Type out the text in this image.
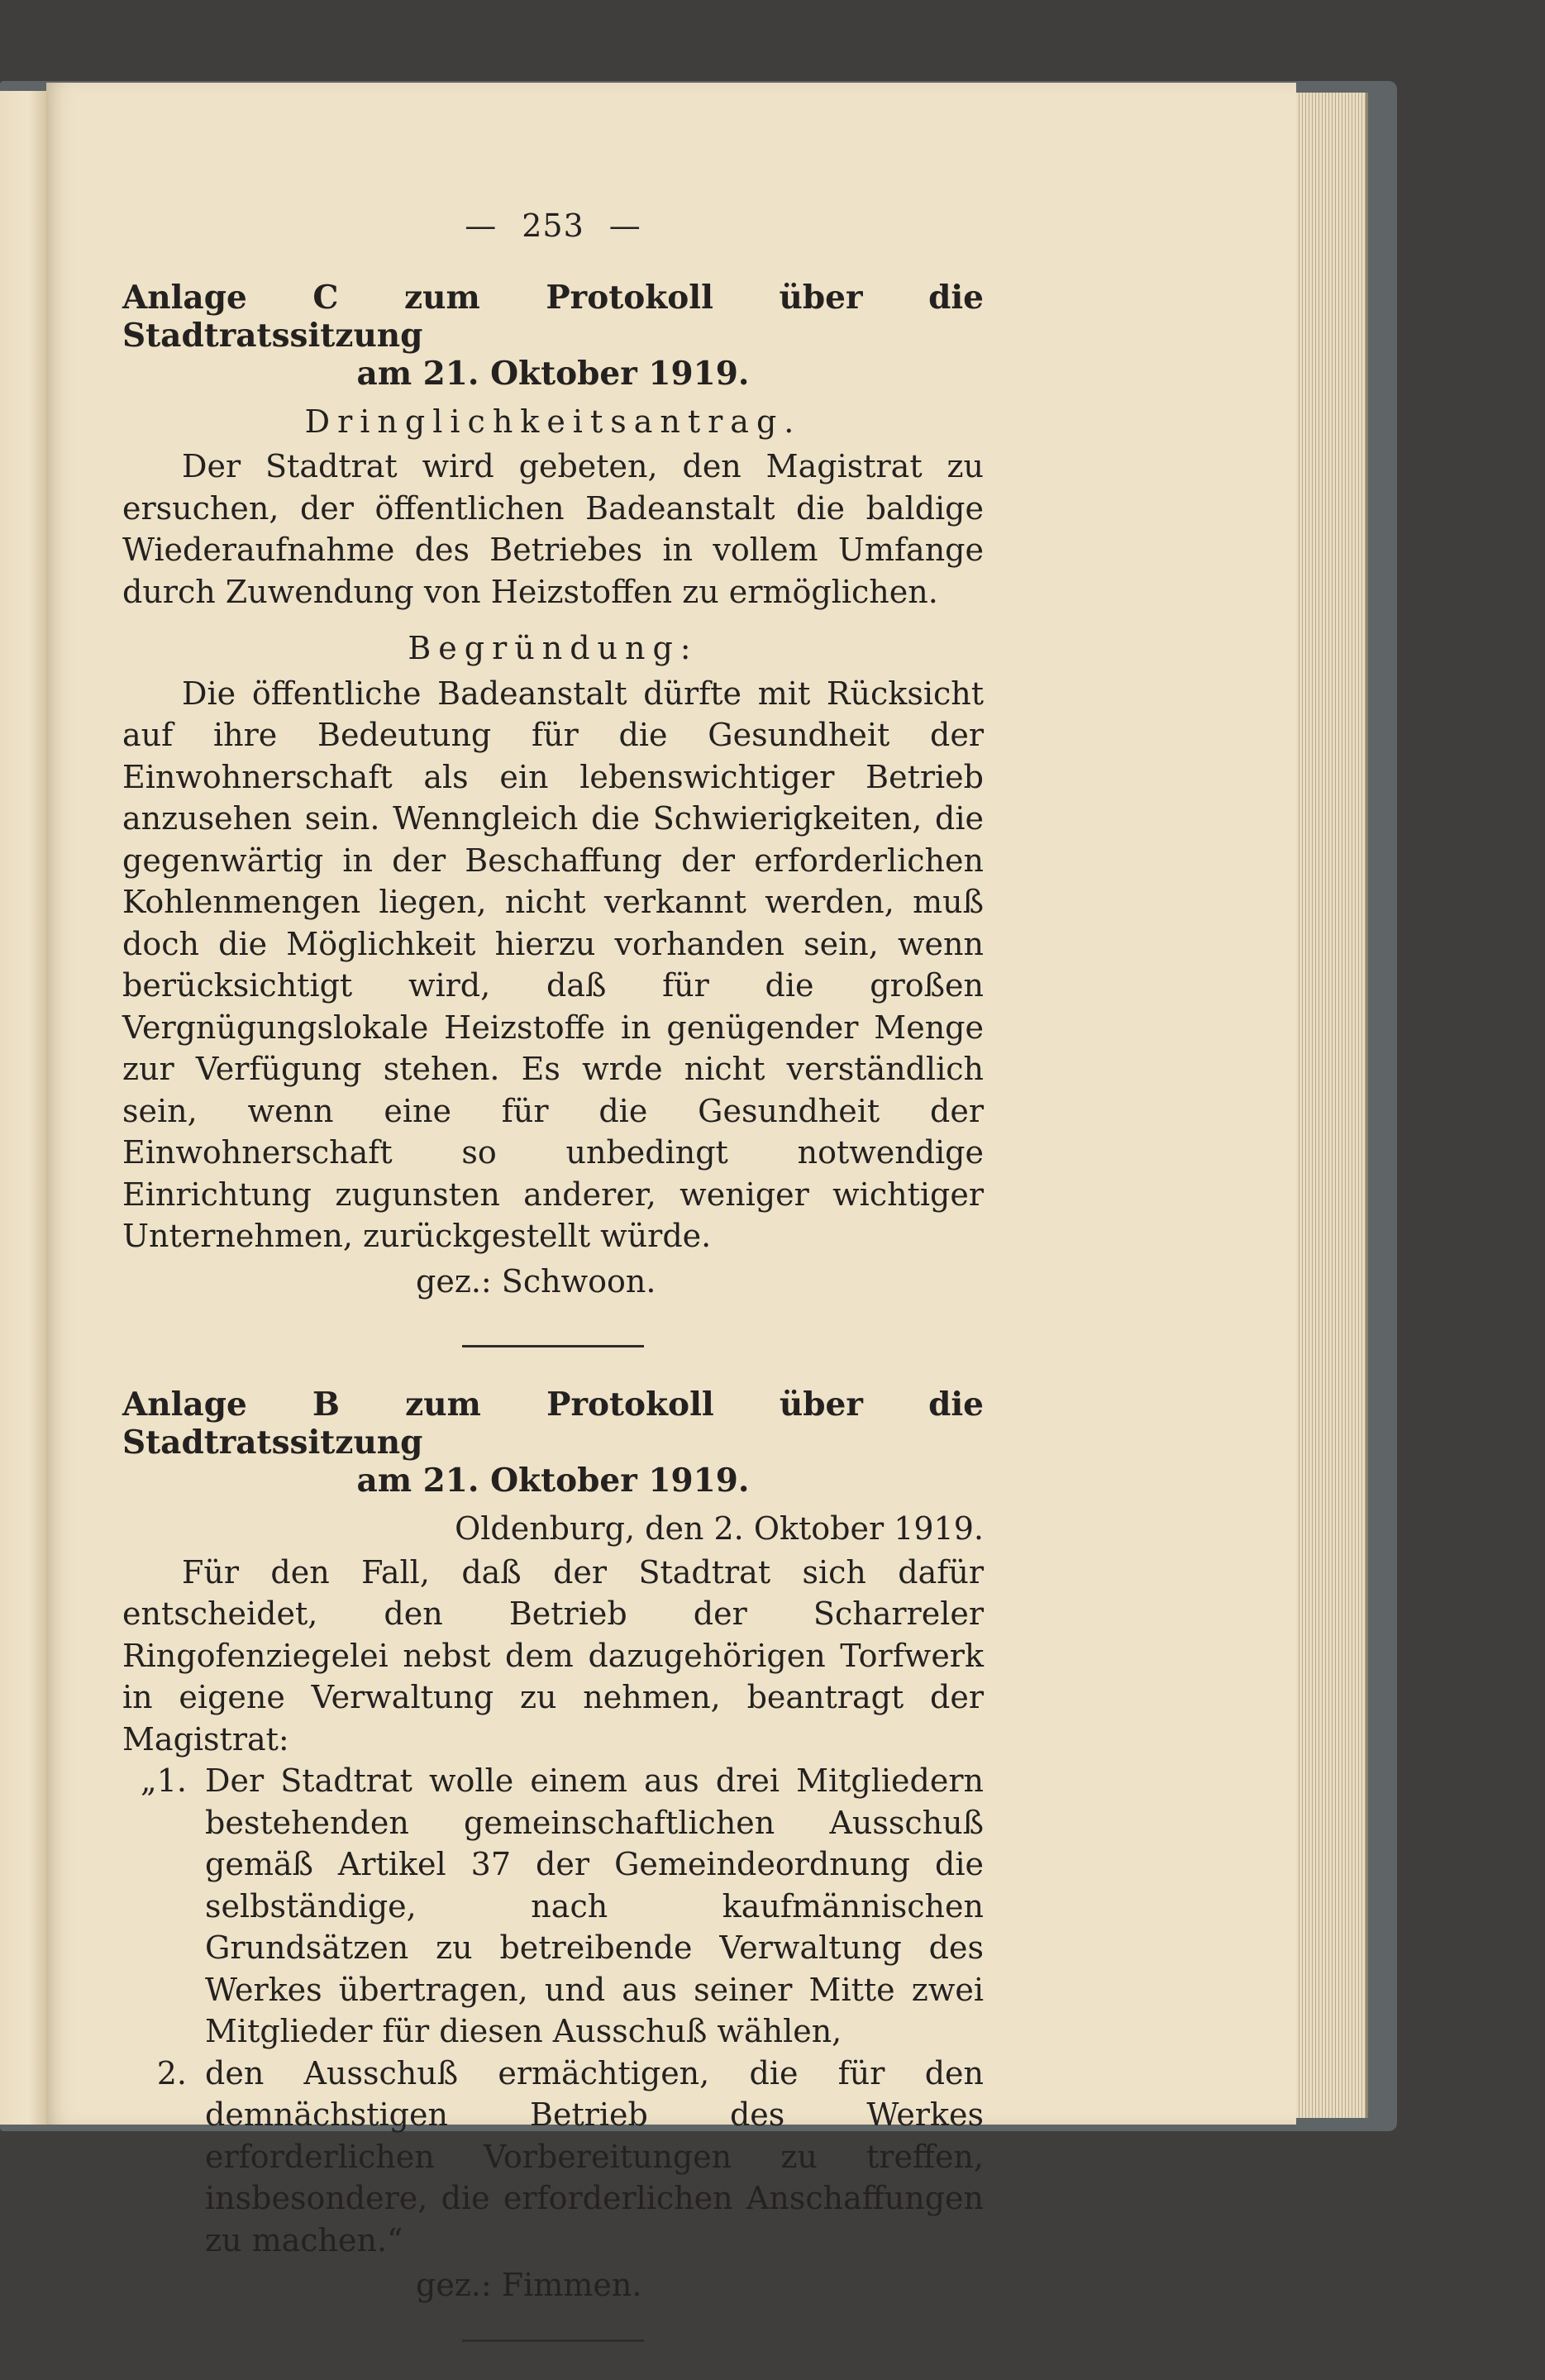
— 253 —
Anlage C zum Protokoll über die Stadtratssitzung
am 21. Oktober 1919.
Dringlichkeitsantrag.

Der Stadtrat wird gebeten, den Magistrat zu ersuchen, der öffentlichen Badeanstalt die baldige Wiederaufnahme des Betriebes in vollem Umfange durch Zuwendung von Heizstoffen zu ermöglichen.

Begründung:

Die öffentliche Badeanstalt dürfte mit Rücksicht auf ihre Bedeutung für die Gesundheit der Einwohnerschaft als ein lebenswichtiger Betrieb anzusehen sein. Wenngleich die Schwierigkeiten, die gegenwärtig in der Beschaffung der erforderlichen Kohlenmengen liegen, nicht verkannt werden, muß doch die Möglichkeit hierzu vorhanden sein, wenn berücksichtigt wird, daß für die großen Vergnügungslokale Heizstoffe in genügender Menge zur Verfügung stehen. Es wrde nicht verständlich sein, wenn eine für die Gesundheit der Einwohnerschaft so unbedingt notwendige Einrichtung zugunsten anderer, weniger wichtiger Unternehmen, zurückgestellt würde.

gez.: Schwoon.
Anlage B zum Protokoll über die Stadtratssitzung
am 21. Oktober 1919.
Oldenburg, den 2. Oktober 1919.

Für den Fall, daß der Stadtrat sich dafür entscheidet, den Betrieb der Scharreler Ringofenziegelei nebst dem dazugehörigen Torfwerk in eigene Verwaltung zu nehmen, beantragt der Magistrat:

„1. Der Stadtrat wolle einem aus drei Mitgliedern bestehenden gemeinschaftlichen Ausschuß gemäß Artikel 37 der Gemeindeordnung die selbständige, nach kaufmännischen Grundsätzen zu betreibende Verwaltung des Werkes übertragen, und aus seiner Mitte zwei Mitglieder für diesen Ausschuß wählen,
2. den Ausschuß ermächtigen, die für den demnächstigen Betrieb des Werkes erforderlichen Vorbereitungen zu treffen, insbesondere, die erforderlichen Anschaffungen zu machen.“
gez.: Fimmen.
